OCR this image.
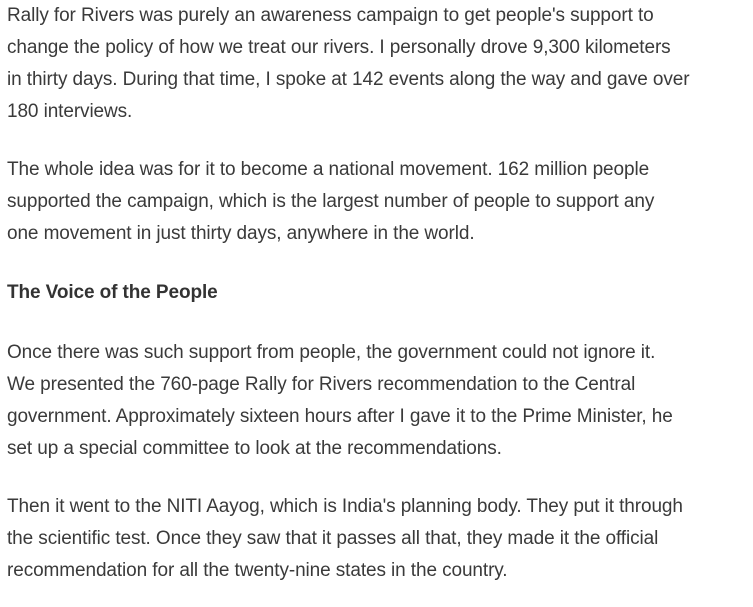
Rally for Rivers was purely an awareness campaign to get people's support to
change the policy of how we treat our rivers. I personally drove 9,300 kilometers
in thirty days. During that time, I spoke at 142 events along the way and gave over
180 interviews.

The whole idea was for it to become a national movement. 162 million people
supported the campaign, which is the largest number of people to support any
one movement in just thirty days, anywhere in the world.

The Voice of the People

Once there was such support from people, the government could not ignore it.
We presented the 760-page Rally for Rivers recommendation to the Central
government. Approximately sixteen hours after I gave it to the Prime Minister, he
set up a special committee to look at the recommendations.

Then it went to the NITI Aayog, which is India's planning body. They put it through
the scientific test. Once they saw that it passes all that, they made it the official
recommendation for all the twenty-nine states in the country.
